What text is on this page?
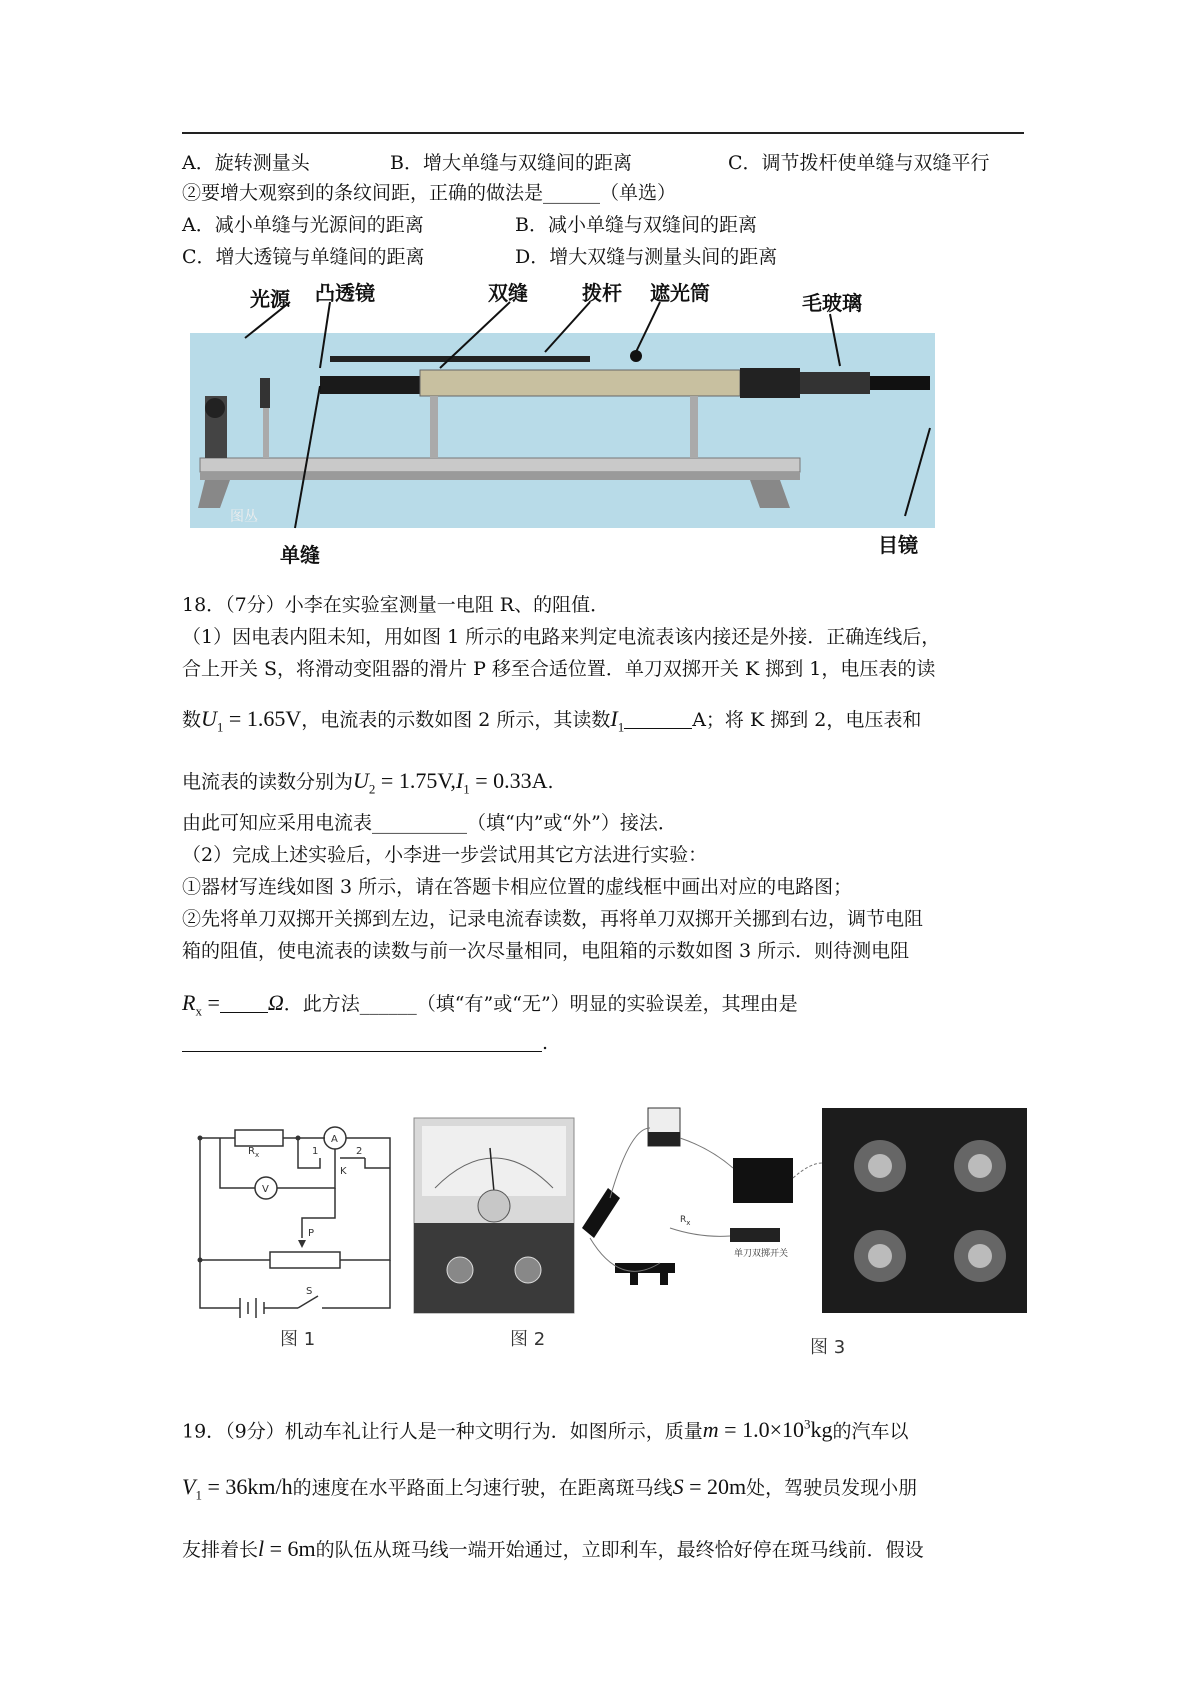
A．旋转测量头	B．增大单缝与双缝间的距离	C．调节拨杆使单缝与双缝平行
②要增大观察到的条纹间距，正确的做法是______（单选）
A．减小单缝与光源间的距离	B．减小单缝与双缝间的距离
C．增大透镜与单缝间的距离	D．增大双缝与测量头间的距离
光源 凸透镜	双缝	拨杆 遮光筒	毛玻璃
单缝	目镜
图丛
18．（7分）小李在实验室测量一电阻 R、的阻值．
（1）因电表内阻未知，用如图 1 所示的电路来判定电流表该内接还是外接．正确连线后，
合上开关 S，将滑动变阻器的滑片 P 移至合适位置．单刀双掷开关 K 掷到 1，电压表的读
数$U_1 = 1.65V$，电流表的示数如图 2 所示，其读数$I_1$	A；将 K 掷到 2，电压表和
电流表的读数分别为$U_2 = 1.75V,I_1 = 0.33A$.
由此可知应采用电流表__________（填“内”或“外”）接法．
（2）完成上述实验后，小李进一步尝试用其它方法进行实验：
①器材写连线如图 3 所示，请在答题卡相应位置的虚线框中画出对应的电路图；
②先将单刀双掷开关掷到左边，记录电流春读数，再将单刀双掷开关挪到右边，调节电阻
箱的阻值，使电流表的读数与前一次尽量相同，电阻箱的示数如图 3 所示．则待测电阻
$R_x = \Omega$．此方法______（填“有”或“无”）明显的实验误差，其理由是
.
$R_x$
A
V
K
1	2
P
S
图 1	图 2
$R_x$
单刀双掷开关
图 3
19．（9分）机动车礼让行人是一种文明行为．如图所示，质量$m = 1.0\times 10^3kg$的汽车以
$V_1 = 36km/h$的速度在水平路面上匀速行驶，在距离斑马线S = 20m处，驾驶员发现小朋
友排着长l = 6m的队伍从斑马线一端开始通过，立即利车，最终恰好停在斑马线前．假设
